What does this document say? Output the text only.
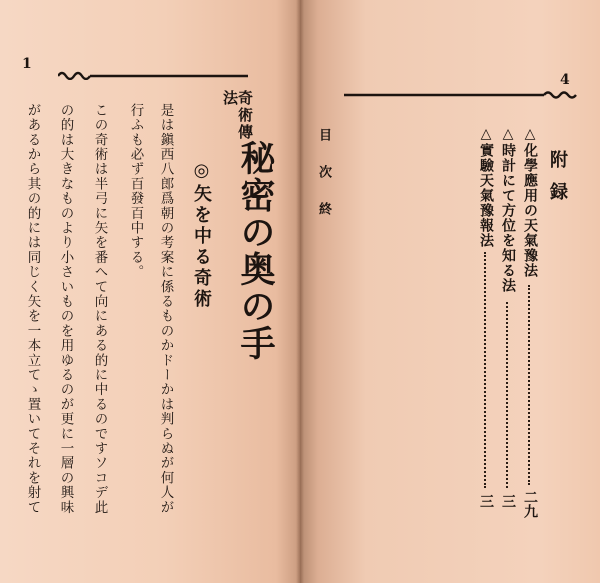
1
奇術傳法
秘密の奥の手
◎矢を中る奇術
是は鎭西八郎爲朝の考案に係るものかドーかは判らぬが何人が
行ふも必ず百發百中する。
この奇術は半弓に矢を番へて向にある的に中るのですソコデ此
の的は大きなものより小さいものを用ゆるのが更に一層の興味
があるから其の的には同じく矢を一本立てゝ置いてそれを射て
4
目次終	附録
△化學應用の天氣豫法
二九
△時計にて方位を知る法
三
△實驗天氣豫報法
三
